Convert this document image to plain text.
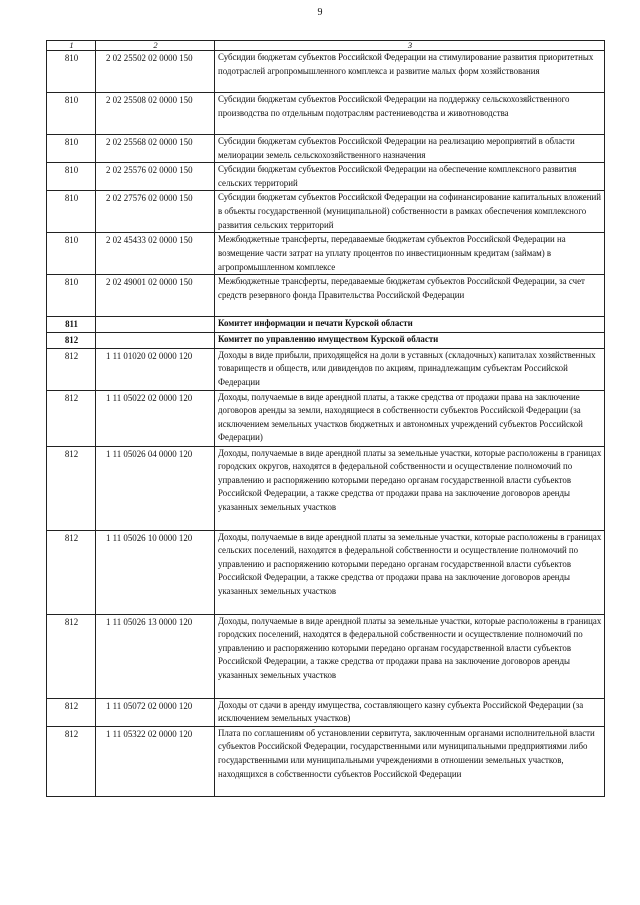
9
1	2	3
810	2 02 25502 02 0000 150	Субсидии бюджетам субъектов Российской Федерации на стимулирование развития приоритетных подотраслей агропромышленного комплекса и развитие малых форм хозяйствования
810	2 02 25508 02 0000 150	Субсидии бюджетам субъектов Российской Федерации на поддержку сельскохозяйственного производства по отдельным подотраслям растениеводства и животноводства
810	2 02 25568 02 0000 150	Субсидии бюджетам субъектов Российской Федерации на реализацию мероприятий в области мелиорации земель сельскохозяйственного назначения
810	2 02 25576 02 0000 150	Субсидии бюджетам субъектов Российской Федерации на обеспечение комплексного развития сельских территорий
810	2 02 27576 02 0000 150	Субсидии бюджетам субъектов Российской Федерации на софинансирование капитальных вложений в объекты государственной (муниципальной) собственности в рамках обеспечения комплексного развития сельских территорий
810	2 02 45433 02 0000 150	Межбюджетные трансферты, передаваемые бюджетам субъектов Российской Федерации на возмещение части затрат на уплату процентов по инвестиционным кредитам (займам) в агропромышленном комплексе
810	2 02 49001 02 0000 150	Межбюджетные трансферты, передаваемые бюджетам субъектов Российской Федерации, за счет средств резервного фонда Правительства Российской Федерации
811		Комитет информации и печати Курской области
812		Комитет по управлению имуществом Курской области
812	1 11 01020 02 0000 120	Доходы в виде прибыли, приходящейся на доли в уставных (складочных) капиталах хозяйственных товариществ и обществ, или дивидендов по акциям, принадлежащим субъектам Российской Федерации
812	1 11 05022 02 0000 120	Доходы, получаемые в виде арендной платы, а также средства от продажи права на заключение договоров аренды за земли, находящиеся в собственности субъектов Российской Федерации (за исключением земельных участков бюджетных и автономных учреждений субъектов Российской Федерации)
812	1 11 05026 04 0000 120	Доходы, получаемые в виде арендной платы за земельные участки, которые расположены в границах городских округов, находятся в федеральной собственности и осуществление полномочий по управлению и распоряжению которыми передано органам государственной власти субъектов Российской Федерации, а также средства от продажи права на заключение договоров аренды указанных земельных участков
812	1 11 05026 10 0000 120	Доходы, получаемые в виде арендной платы за земельные участки, которые расположены в границах сельских поселений, находятся в федеральной собственности и осуществление полномочий по управлению и распоряжению которыми передано органам государственной власти субъектов Российской Федерации, а также средства от продажи права на заключение договоров аренды указанных земельных участков
812	1 11 05026 13 0000 120	Доходы, получаемые в виде арендной платы за земельные участки, которые расположены в границах городских поселений, находятся в федеральной собственности и осуществление полномочий по управлению и распоряжению которыми передано органам государственной власти субъектов Российской Федерации, а также средства от продажи права на заключение договоров аренды указанных земельных участков
812	1 11 05072 02 0000 120	Доходы от сдачи в аренду имущества, составляющего казну субъекта Российской Федерации (за исключением земельных участков)
812	1 11 05322 02 0000 120	Плата по соглашениям об установлении сервитута, заключенным органами исполнительной власти субъектов Российской Федерации, государственными или муниципальными предприятиями либо государственными или муниципальными учреждениями в отношении земельных участков, находящихся в собственности субъектов Российской Федерации
